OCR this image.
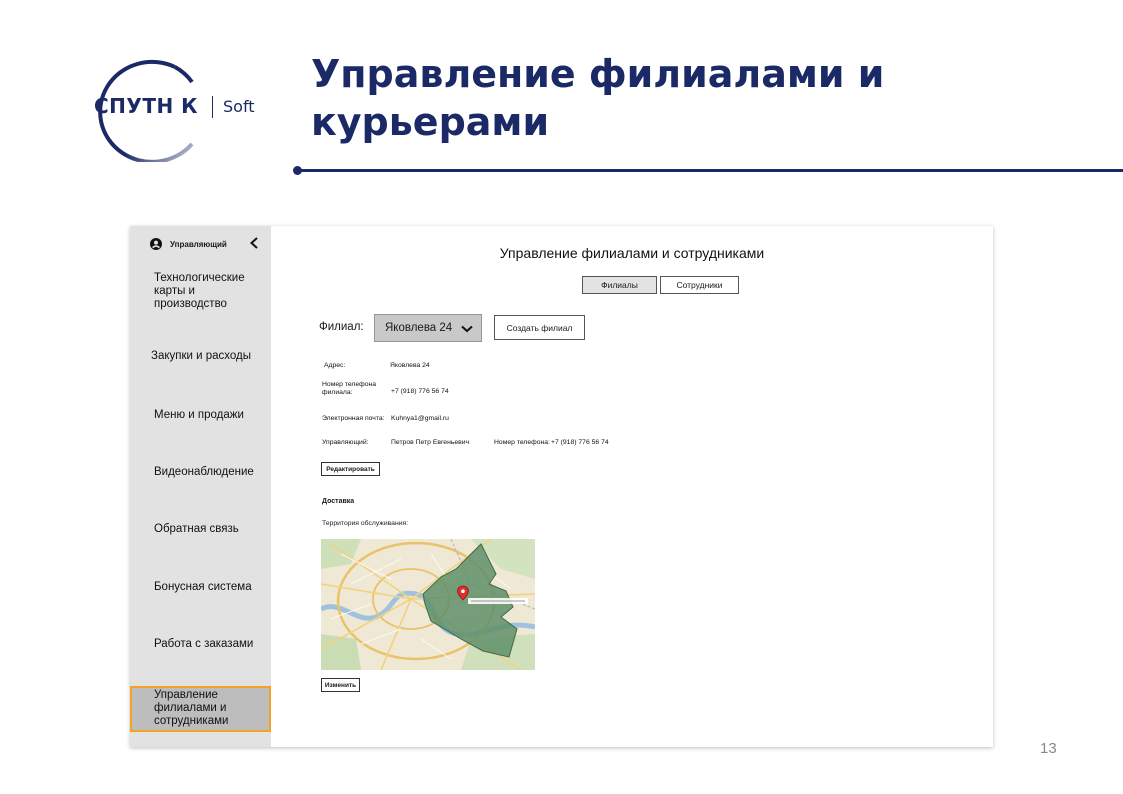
СПУТН К Soft
Управление филиалами и курьерами
13
Управляющий
Технологические карты и производство
Закупки и расходы
Меню и продажи
Видеонаблюдение
Обратная связь
Бонусная система
Работа с заказами
Управление филиалами и сотрудниками
Управление филиалами и сотрудниками
Филиалы	Сотрудники
Филиал: Яковлева 24	Создать филиал
Адрес:	Яковлева 24
Номер телефона филиала:	+7 (918) 776 56 74
Электронная почта: Kuhnya1@gmail.ru
Управляющий:	Петров Петр Евгеньевич	Номер телефона: +7 (918) 776 56 74
Редактировать
Доставка
Территория обслуживания:
Изменить
